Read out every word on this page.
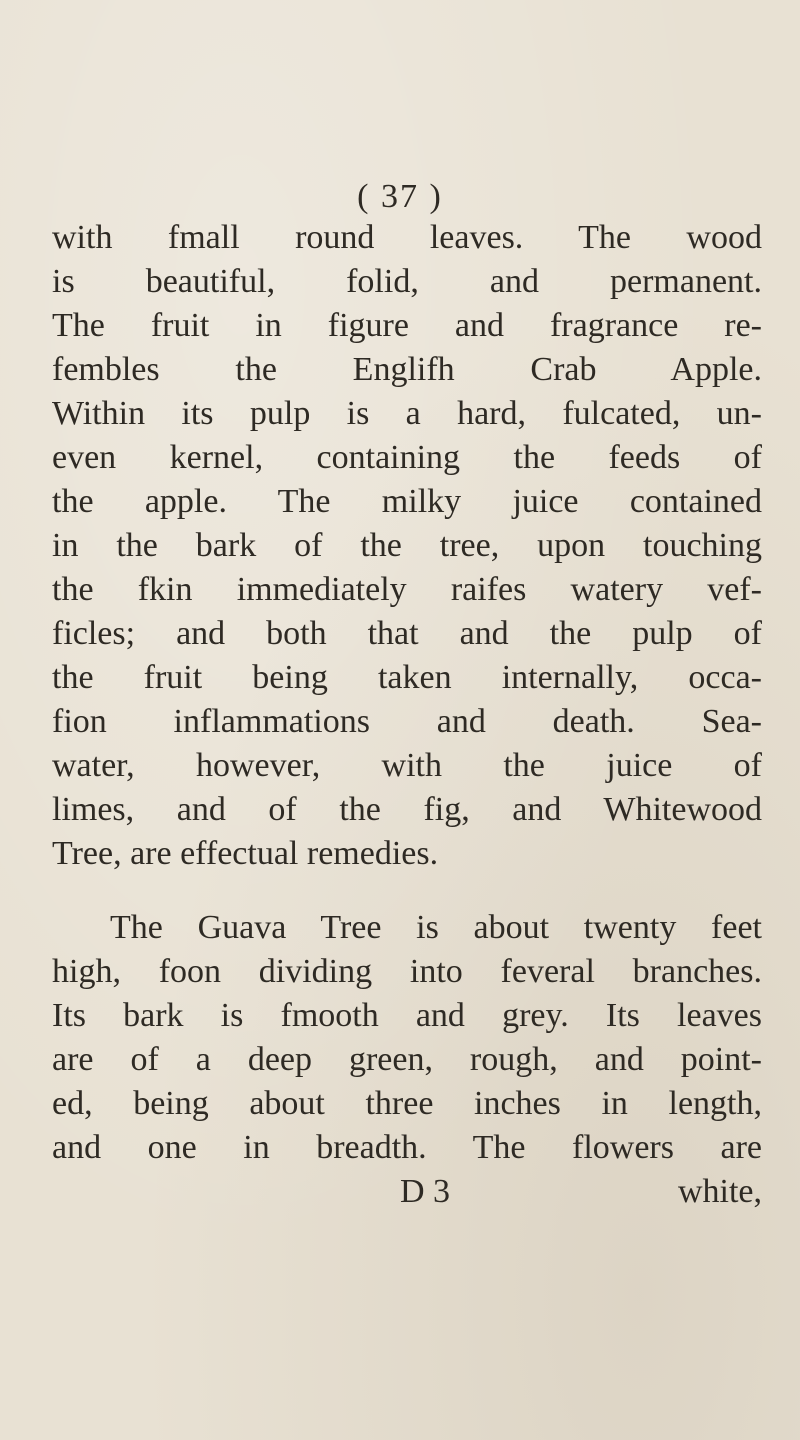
( 37 )
with fmall round leaves. The wood
is beautiful, folid, and permanent.
The fruit in figure and fragrance re-
fembles the Englifh Crab Apple.
Within its pulp is a hard, fulcated, un-
even kernel, containing the feeds of
the apple. The milky juice contained
in the bark of the tree, upon touching
the fkin immediately raifes watery vef-
ficles; and both that and the pulp of
the fruit being taken internally, occa-
fion inflammations and death. Sea-
water, however, with the juice of
limes, and of the fig, and Whitewood
Tree, are effectual remedies.
The Guava Tree is about twenty feet
high, foon dividing into feveral branches.
Its bark is fmooth and grey. Its leaves
are of a deep green, rough, and point-
ed, being about three inches in length,
and one in breadth. The flowers are
D 3	white,
